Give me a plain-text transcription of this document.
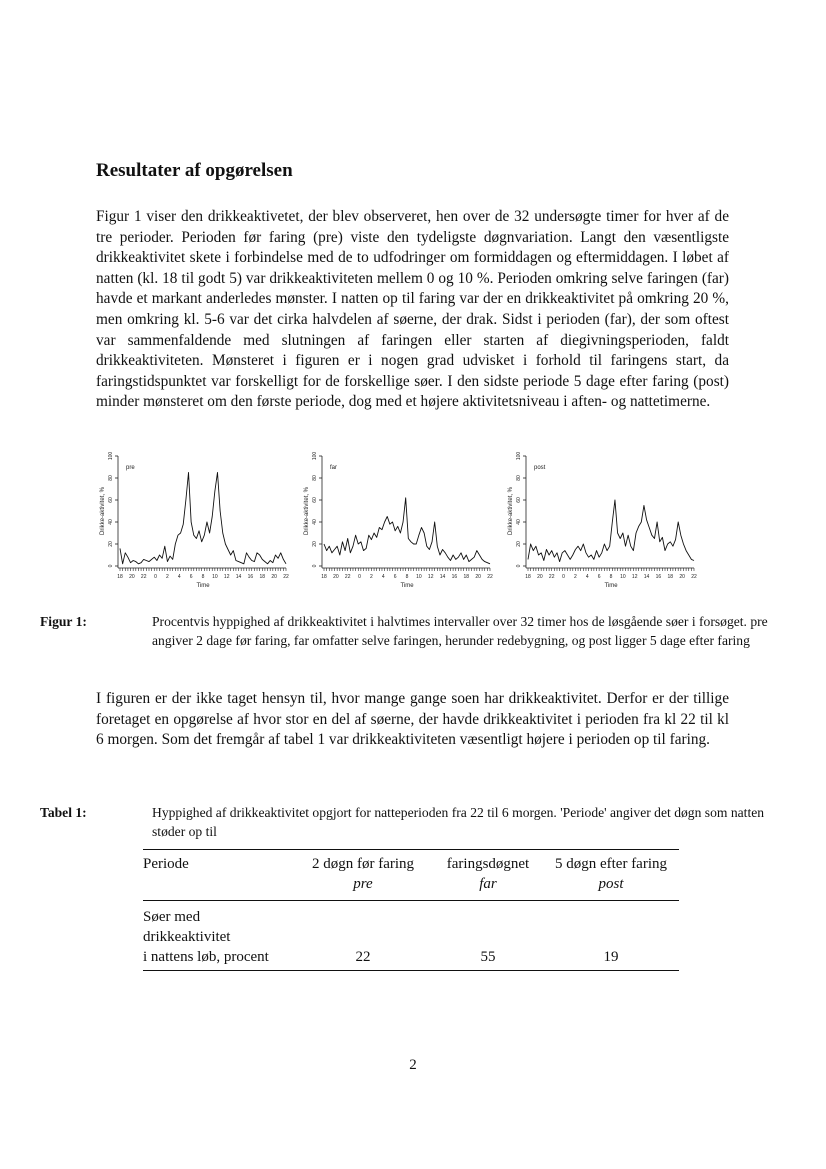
Resultater af opgørelsen

Figur 1 viser den drikkeaktivetet, der blev observeret, hen over de 32 undersøgte timer for hver af de tre perioder. Perioden før faring (pre) viste den tydeligste døgnvariation. Langt den væsentligste drikkeaktivitet skete i forbindelse med de to udfodringer om formiddagen og eftermiddagen. I løbet af natten (kl. 18 til godt 5) var drikkeaktiviteten mellem 0 og 10 %. Perioden omkring selve faringen (far) havde et markant anderledes mønster. I natten op til faring var der en drikkeaktivitet på omkring 20 %, men omkring kl. 5-6 var det cirka halvdelen af søerne, der drak. Sidst i perioden (far), der som oftest var sammenfaldende med slutningen af faringen eller starten af diegivningsperioden, faldt drikkeaktiviteten. Mønsteret i figuren er i nogen grad udvisket i forhold til faringens start, da faringstidspunktet var forskelligt for de forskellige søer. I den sidste periode 5 dage efter faring (post) minder mønsteret om den første periode, dog med et højere aktivitetsniveau i aften- og nattetimerne.

0
20
40
60
80
100
Drikke-aktivitet, %
18 20 22 0 2 4 6 8 10 12 14 16 18 20 22
Time
pre
0
20
40
60
80
100
Drikke-aktivitet, %
18 20 22 0 2 4 6 8 10 12 14 16 18 20 22
Time
far
0
20
40
60
80
100
Drikke-aktivitet, %
18 20 22 0 2 4 6 8 10 12 14 16 18 20 22
Time
post
Figur 1:	Procentvis hyppighed af drikkeaktivitet i halvtimes intervaller over 32 timer hos de løsgående søer i forsøget. pre angiver 2 dage før faring, far omfatter selve faringen, herunder redebygning, og post ligger 5 dage efter faring

I figuren er der ikke taget hensyn til, hvor mange gange soen har drikkeaktivitet. Derfor er der tillige foretaget en opgørelse af hvor stor en del af søerne, der havde drikkeaktivitet i perioden fra kl 22 til kl 6 morgen. Som det fremgår af tabel 1 var drikkeaktiviteten væsentligt højere i perioden op til faring.

Tabel 1:	Hyppighed af drikkeaktivitet opgjort for natteperioden fra 22 til 6 morgen. 'Periode' angiver det døgn som natten støder op til
Periode	2 døgn før faring	faringsdøgnet	5 døgn efter faring
	pre	far	post
Søer med			
drikkeaktivitet			
i nattens løb, procent	22	55	19
2
